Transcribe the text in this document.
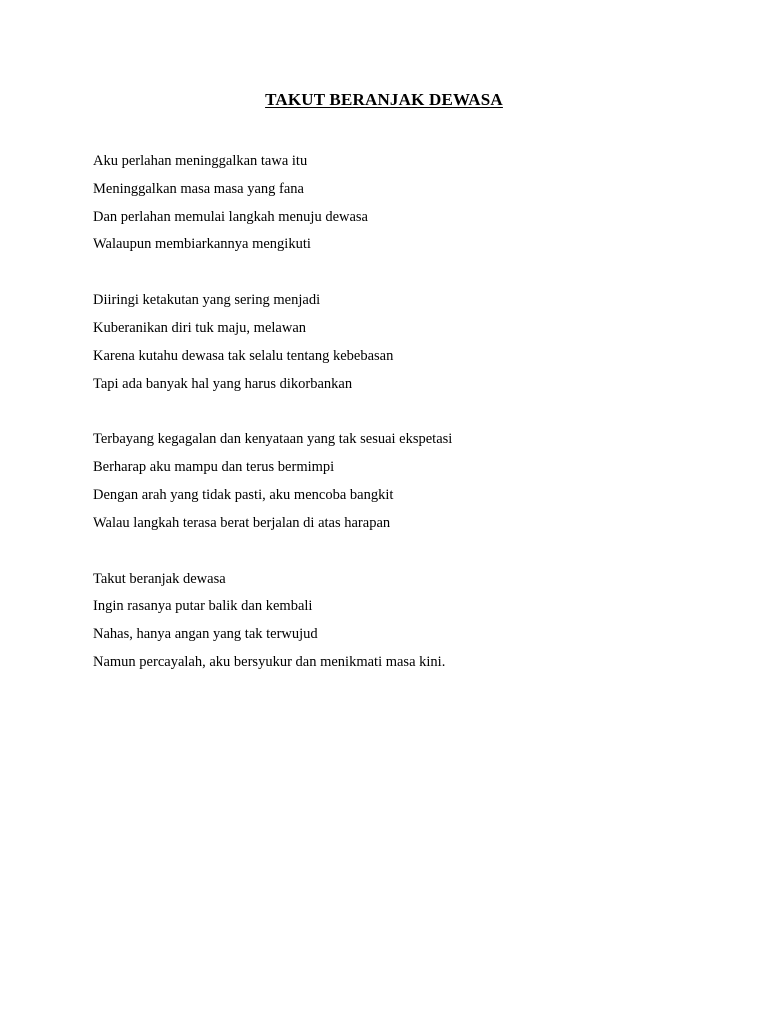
TAKUT BERANJAK DEWASA
Aku perlahan meninggalkan tawa itu
Meninggalkan masa masa yang fana
Dan perlahan memulai langkah menuju dewasa
Walaupun membiarkannya mengikuti
Diiringi ketakutan yang sering menjadi
Kuberanikan diri tuk maju, melawan
Karena kutahu dewasa tak selalu tentang kebebasan
Tapi ada banyak hal yang harus dikorbankan
Terbayang kegagalan dan kenyataan yang tak sesuai ekspetasi
Berharap aku mampu dan terus bermimpi
Dengan arah yang tidak pasti, aku mencoba bangkit
Walau langkah terasa berat berjalan di atas harapan
Takut beranjak dewasa
Ingin rasanya putar balik dan kembali
Nahas, hanya angan yang tak terwujud
Namun percayalah, aku bersyukur dan menikmati masa kini.
